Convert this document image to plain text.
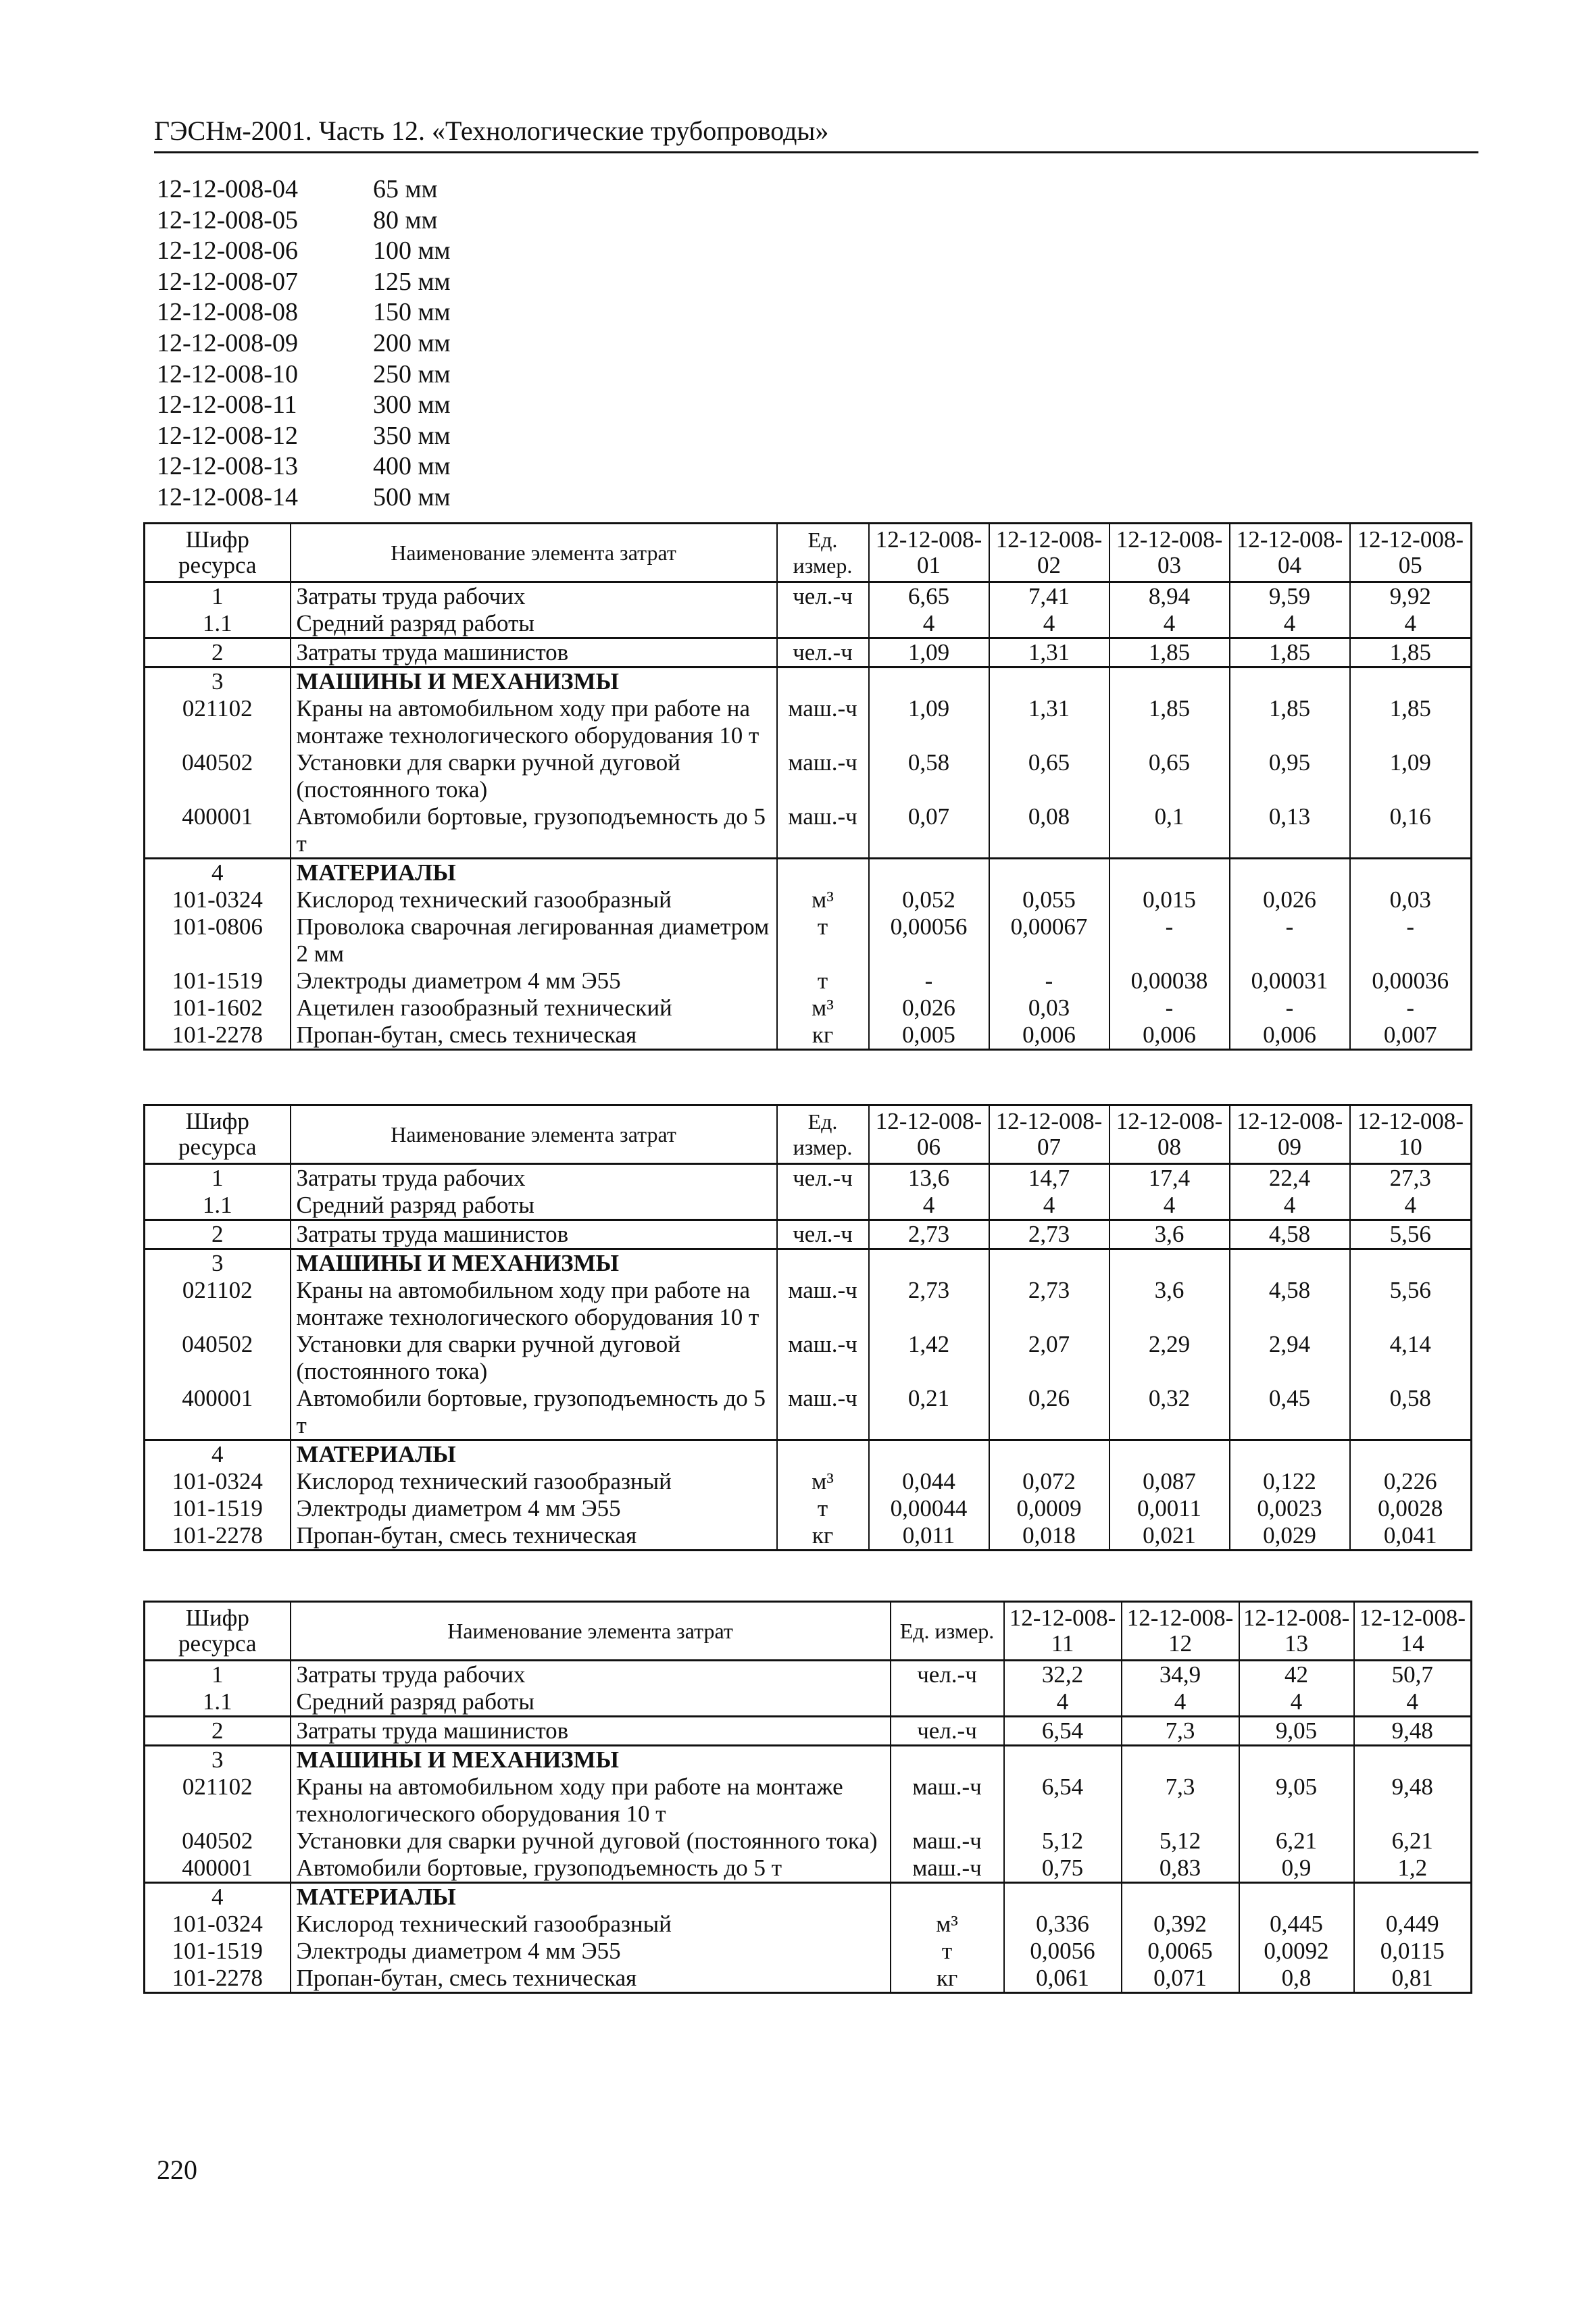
ГЭСНм-2001. Часть 12. «Технологические трубопроводы»
12-12-008-04	65 мм
12-12-008-05	80 мм
12-12-008-06	100 мм
12-12-008-07	125 мм
12-12-008-08	150 мм
12-12-008-09	200 мм
12-12-008-10	250 мм
12-12-008-11	300 мм
12-12-008-12	350 мм
12-12-008-13	400 мм
12-12-008-14	500 мм
Шифр ресурса	Наименование элемента затрат	Ед. измер.	12-12-008-01	12-12-008-02	12-12-008-03	12-12-008-04	12-12-008-05
1	Затраты труда рабочих	чел.-ч	6,65	7,41	8,94	9,59	9,92
1.1	Средний разряд работы		4	4	4	4	4
2	Затраты труда машинистов	чел.-ч	1,09	1,31	1,85	1,85	1,85
3	МАШИНЫ И МЕХАНИЗМЫ						
021102	Краны на автомобильном ходу при работе на монтаже технологического оборудования 10 т	маш.-ч	1,09	1,31	1,85	1,85	1,85
040502	Установки для сварки ручной дуговой (постоянного тока)	маш.-ч	0,58	0,65	0,65	0,95	1,09
400001	Автомобили бортовые, грузоподъемность до 5 т	маш.-ч	0,07	0,08	0,1	0,13	0,16
4	МАТЕРИАЛЫ						
101-0324	Кислород технический газообразный	м³	0,052	0,055	0,015	0,026	0,03
101-0806	Проволока сварочная легированная диаметром 2 мм	т	0,00056	0,00067	-	-	-
101-1519	Электроды диаметром 4 мм Э55	т	-	-	0,00038	0,00031	0,00036
101-1602	Ацетилен газообразный технический	м³	0,026	0,03	-	-	-
101-2278	Пропан-бутан, смесь техническая	кг	0,005	0,006	0,006	0,006	0,007
Шифр ресурса	Наименование элемента затрат	Ед. измер.	12-12-008-06	12-12-008-07	12-12-008-08	12-12-008-09	12-12-008-10
1	Затраты труда рабочих	чел.-ч	13,6	14,7	17,4	22,4	27,3
1.1	Средний разряд работы		4	4	4	4	4
2	Затраты труда машинистов	чел.-ч	2,73	2,73	3,6	4,58	5,56
3	МАШИНЫ И МЕХАНИЗМЫ						
021102	Краны на автомобильном ходу при работе на монтаже технологического оборудования 10 т	маш.-ч	2,73	2,73	3,6	4,58	5,56
040502	Установки для сварки ручной дуговой (постоянного тока)	маш.-ч	1,42	2,07	2,29	2,94	4,14
400001	Автомобили бортовые, грузоподъемность до 5 т	маш.-ч	0,21	0,26	0,32	0,45	0,58
4	МАТЕРИАЛЫ						
101-0324	Кислород технический газообразный	м³	0,044	0,072	0,087	0,122	0,226
101-1519	Электроды диаметром 4 мм Э55	т	0,00044	0,0009	0,0011	0,0023	0,0028
101-2278	Пропан-бутан, смесь техническая	кг	0,011	0,018	0,021	0,029	0,041
Шифр ресурса	Наименование элемента затрат	Ед. измер.	12-12-008-11	12-12-008-12	12-12-008-13	12-12-008-14
1	Затраты труда рабочих	чел.-ч	32,2	34,9	42	50,7
1.1	Средний разряд работы		4	4	4	4
2	Затраты труда машинистов	чел.-ч	6,54	7,3	9,05	9,48
3	МАШИНЫ И МЕХАНИЗМЫ					
021102	Краны на автомобильном ходу при работе на монтаже технологического оборудования 10 т	маш.-ч	6,54	7,3	9,05	9,48
040502	Установки для сварки ручной дуговой (постоянного тока)	маш.-ч	5,12	5,12	6,21	6,21
400001	Автомобили бортовые, грузоподъемность до 5 т	маш.-ч	0,75	0,83	0,9	1,2
4	МАТЕРИАЛЫ					
101-0324	Кислород технический газообразный	м³	0,336	0,392	0,445	0,449
101-1519	Электроды диаметром 4 мм Э55	т	0,0056	0,0065	0,0092	0,0115
101-2278	Пропан-бутан, смесь техническая	кг	0,061	0,071	0,8	0,81
220
